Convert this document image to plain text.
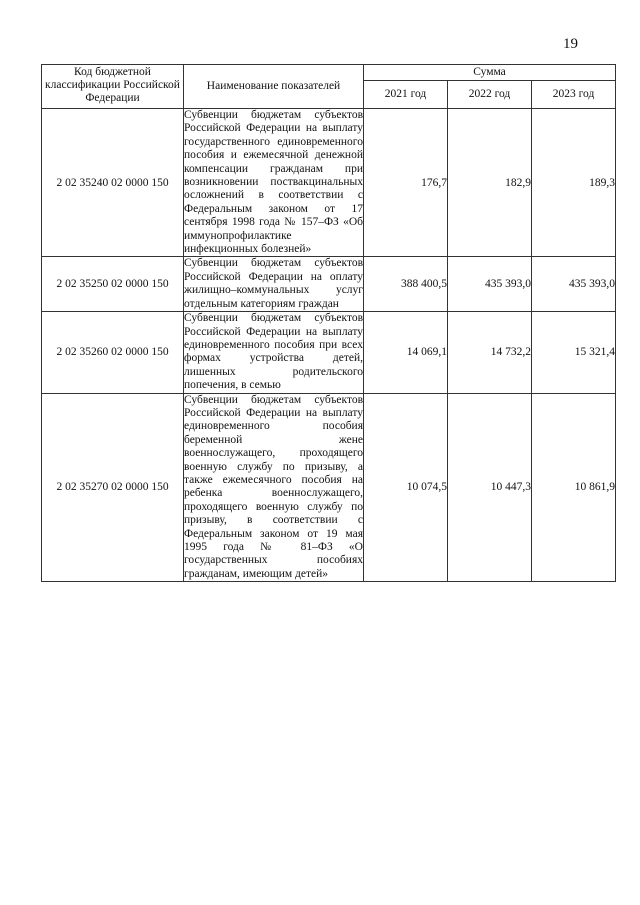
19
Код бюджетной классификации Российской Федерации	Наименование показателей	Сумма		
		2021 год	2022 год	2023 год
2 02 35240 02 0000 150	Субвенции бюджетам субъектов Российской Федерации на выплату государственного единовременного пособия и ежемесячной денежной компенсации гражданам при возникновении поствакцинальных осложнений в соответствии с Федеральным законом от 17 сентября 1998 года № 157–ФЗ «Об иммунопрофилактике инфекционных болезней»	176,7	182,9	189,3
2 02 35250 02 0000 150	Субвенции бюджетам субъектов Российской Федерации на оплату жилищно–коммунальных услуг отдельным категориям граждан	388 400,5	435 393,0	435 393,0
2 02 35260 02 0000 150	Субвенции бюджетам субъектов Российской Федерации на выплату единовременного пособия при всех формах устройства детей, лишенных родительского попечения, в семью	14 069,1	14 732,2	15 321,4
2 02 35270 02 0000 150	Субвенции бюджетам субъектов Российской Федерации на выплату единовременного пособия беременной жене военнослужащего, проходящего военную службу по призыву, а также ежемесячного пособия на ребенка военнослужащего, проходящего военную службу по призыву, в соответствии с Федеральным законом от 19 мая 1995 года № 81–ФЗ «О государственных пособиях гражданам, имеющим детей»	10 074,5	10 447,3	10 861,9
